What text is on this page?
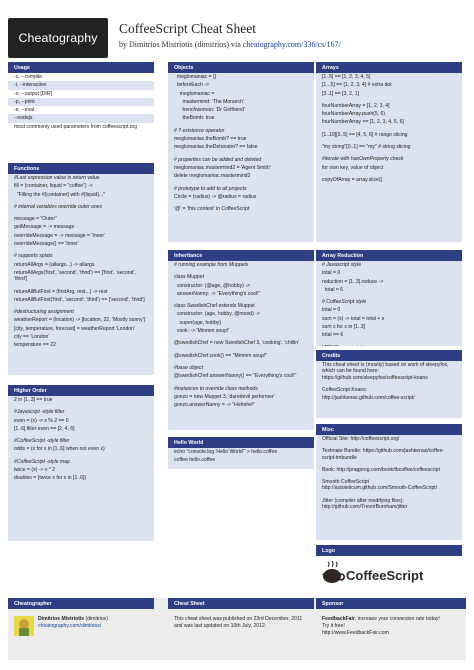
Cheatography
CoffeeScript Cheat Sheet
by Dimitrios Mistriotis (dimitrios) via cheatography.com/336/cs/167/
Usage
-c, --compile
-i, --interactive
-o, --output [DIR]
-p, --print
-e, --eval
--nodejs
most commonly used parameters from coffeescript.org
Functions
#Last expression value is return value
fill = (container, liquid = "coffee") ->
"Filling the #{container} with #{liquid}..."
# internal variables override outer ones
message = "Outer"
getMessage = -> message
overrideMessage = -> message = 'Inner'
overrideMessage() == 'Inner'
# supports splats
returnAllArgs = (allargs...) -> allargs
returnAllArgs('first', 'second', 'third') == ['first', 'second', 'third']
returnAllButFirst = (firstArg, rest...) -> rest
returnAllButFirst('first', 'second', 'third') == ['second', 'third']
#destructuring assignment
weatherReport = (location) -> [location, 22, 'Mostly sunny']
[city, temperature, forecast] = weatherReport 'London'
city == 'London'
temperature == 22
Higher Order
2 in [1..3] == true
#Javascript -style filter
even = (x) -> x % 2 == 0
[1..6].filter even == [2, 4, 6]
#CoffeeScript -style filter
odds = (x for x in [1..6] when not even x)
#CoffeeScript -style map
twice = (x) -> x * 2
doubles = (twice x for x in [1..6])
Objects
meglomaniac = {}
beforeEach ->
meglomaniac =
mastermind: 'The Monarch'
henchwoman: 'Dr Girlfriend'
theBomb: true
# ? existence operator
meglomaniac.theBomb? == true
meglomaniac.theDetonator? == false
# properties can be added and deleted
meglomaniac.mastermind2 = 'Agent Smith'
delete meglomaniac.mastermind2
# prototype to add to all projects
Circle = (radius) -> @radius = radius
'@' = 'this context' in CoffeeScript
Inheritance
# running example from Muppets
class Muppet
constructor: (@age, @hobby) ->
answerNanny: -> "Everything's cool!"
class SwedishChef extends Muppet
constructor: (age, hobby, @mood) ->
super(age, hobby)
cook: -> 'Mmmm soup!'
@swedishChef = new SwedishChef 3, 'cooking', 'chillin'
@swedishChef.cook() == "Mmmm soup!"
#base object
@swedishChef.answerNanny() == "Everything's cool!"
#instances to override class methods
gonzo = new Muppet 3, 'daredevil performer'
gonzo.answerNanny = -> "Hehehe!"
Hello World
echo "console.log 'Hello World'" > hello.coffee
coffee hello.coffee
Arrays
[1..5] == [1, 2, 3, 4, 5]
[1...5] == [1, 2, 3, 4] # extra dot
[3..1] == [3, 2, 1]
fourNumberArray = [1, 2, 3, 4]
fourNumberArray.push(5, 6)
fourNumberArray == [1, 2, 3, 4, 5, 6]
[1..10][3..5] == [4, 5, 6] # range slicing
"my string"[0..1] == "my" # string slicing
#iterate with hasOwnProperty check
for own key, value of object
copyOfArray = array.slice()
Array Reduction
# Javascript style
total = 0
reduction = [1..3].reduce ->
total = 6
# CoffeeScript style
total = 0
sum = (x) -> total = total + x
sum x for x in [1..3]
total == 6
Credits
This cheat sheet is (mostly) based on work of sleepyfox, which can be found here: https://github.com/sleepyfox/coffeescript-koans
CoffeeScript Koans:
http://jashkenas.github.com/coffee-script/
Misc
Official Site: http://coffeescript.org/
Textmate Bundle: https://github.com/jashkenas/coffee-script-tmbundle
Book: http://pragprog.com/book/tbcoffee/coffeescript
Smooth CoffeeScript http://autotelicum.github.com/Smooth-CoffeeScript/
Jitter (compiler after modifying files): http://github.com/TrevorBurnham/jitter
Logo
CoffeeScript
Cheatographer	Cheat Sheet	Sponsor
Dimitrios Mistriotis (dimitrios)
cheatography.com/dimitrios/
This cheat sheet was published on 23rd December, 2011 and was last updated on 10th July, 2012.
FeedbackFair, increase your conversion rate today!
Try it free!
http://www.FeedbackFair.com
